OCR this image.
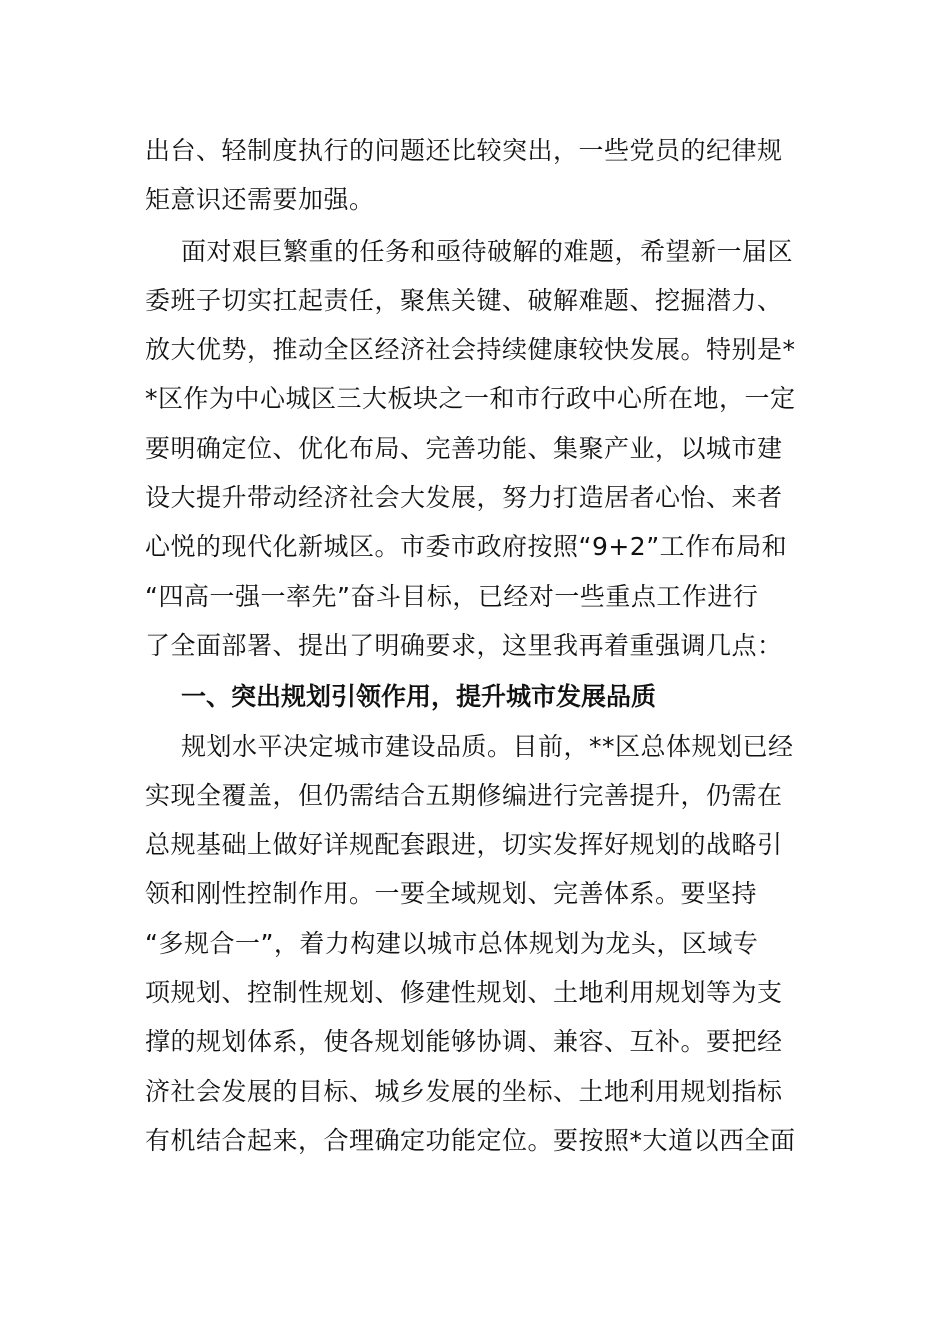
出台、轻制度执行的问题还比较突出，一些党员的纪律规
矩意识还需要加强。

面对艰巨繁重的任务和亟待破解的难题，希望新一届区
委班子切实扛起责任，聚焦关键、破解难题、挖掘潜力、
放大优势，推动全区经济社会持续健康较快发展。特别是*
*区作为中心城区三大板块之一和市行政中心所在地，一定
要明确定位、优化布局、完善功能、集聚产业，以城市建
设大提升带动经济社会大发展，努力打造居者心怡、来者
心悦的现代化新城区。市委市政府按照“9+2”工作布局和
“四高一强一率先”奋斗目标，已经对一些重点工作进行
了全面部署、提出了明确要求，这里我再着重强调几点：

一、突出规划引领作用，提升城市发展品质

规划水平决定城市建设品质。目前，**区总体规划已经
实现全覆盖，但仍需结合五期修编进行完善提升，仍需在
总规基础上做好详规配套跟进，切实发挥好规划的战略引
领和刚性控制作用。一要全域规划、完善体系。要坚持
“多规合一”，着力构建以城市总体规划为龙头，区域专
项规划、控制性规划、修建性规划、土地利用规划等为支
撑的规划体系，使各规划能够协调、兼容、互补。要把经
济社会发展的目标、城乡发展的坐标、土地利用规划指标
有机结合起来，合理确定功能定位。要按照*大道以西全面
